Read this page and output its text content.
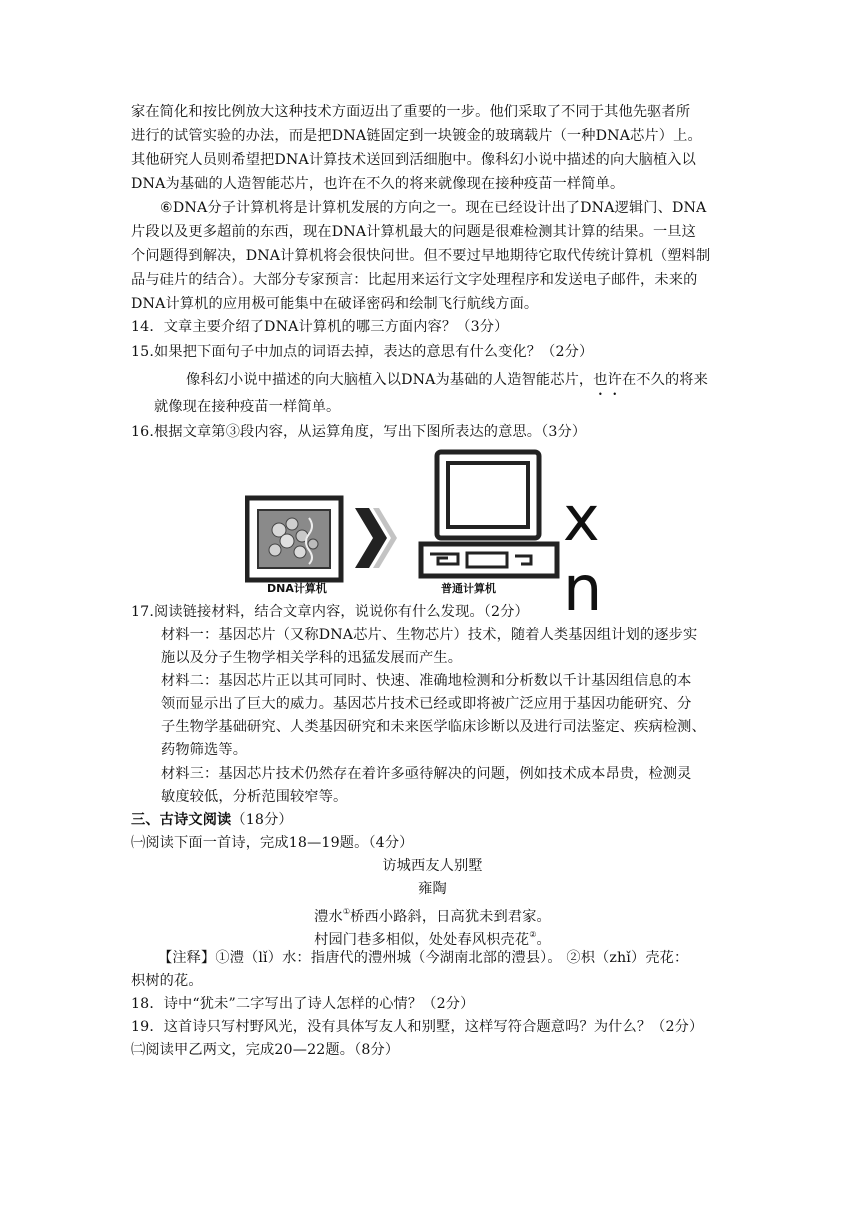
家在简化和按比例放大这种技术方面迈出了重要的一步。他们采取了不同于其他先驱者所
进行的试管实验的办法，而是把DNA链固定到一块镀金的玻璃载片（一种DNA芯片）上。
其他研究人员则希望把DNA计算技术送回到活细胞中。像科幻小说中描述的向大脑植入以
DNA为基础的人造智能芯片，也许在不久的将来就像现在接种疫苗一样简单。
⑥DNA分子计算机将是计算机发展的方向之一。现在已经设计出了DNA逻辑门、DNA
片段以及更多超前的东西，现在DNA计算机最大的问题是很难检测其计算的结果。一旦这
个问题得到解决，DNA计算机将会很快问世。但不要过早地期待它取代传统计算机（塑料制
品与硅片的结合）。大部分专家预言：比起用来运行文字处理程序和发送电子邮件，未来的
DNA计算机的应用极可能集中在破译密码和绘制飞行航线方面。
14．文章主要介绍了DNA计算机的哪三方面内容？（3分）
15.如果把下面句子中加点的词语去掉，表达的意思有什么变化？（2分）
像科幻小说中描述的向大脑植入以DNA为基础的人造智能芯片，也许在不久的将来
就像现在接种疫苗一样简单。
16.根据文章第③段内容，从运算角度，写出下图所表达的意思。（3分）
x n
DNA计算机	普通计算机
17.阅读链接材料，结合文章内容，说说你有什么发现。（2分）
材料一：基因芯片（又称DNA芯片、生物芯片）技术，随着人类基因组计划的逐步实
施以及分子生物学相关学科的迅猛发展而产生。
材料二：基因芯片正以其可同时、快速、准确地检测和分析数以千计基因组信息的本
领而显示出了巨大的威力。基因芯片技术已经或即将被广泛应用于基因功能研究、分
子生物学基础研究、人类基因研究和未来医学临床诊断以及进行司法鉴定、疾病检测、
药物筛选等。
材料三：基因芯片技术仍然存在着许多亟待解决的问题，例如技术成本昂贵，检测灵
敏度较低，分析范围较窄等。
三、古诗文阅读（18分）
㈠阅读下面一首诗，完成18—19题。（4分）
访城西友人别墅
雍陶
澧水①桥西小路斜，日高犹未到君家。
村园门巷多相似，处处春风枳壳花②。
【注释】①澧（lǐ）水：指唐代的澧州城（今湖南北部的澧县）。 ②枳（zhǐ）壳花：
枳树的花。
18．诗中“犹未”二字写出了诗人怎样的心情？（2分）
19．这首诗只写村野风光，没有具体写友人和别墅，这样写符合题意吗？为什么？（2分）
㈡阅读甲乙两文，完成20—22题。（8分）
